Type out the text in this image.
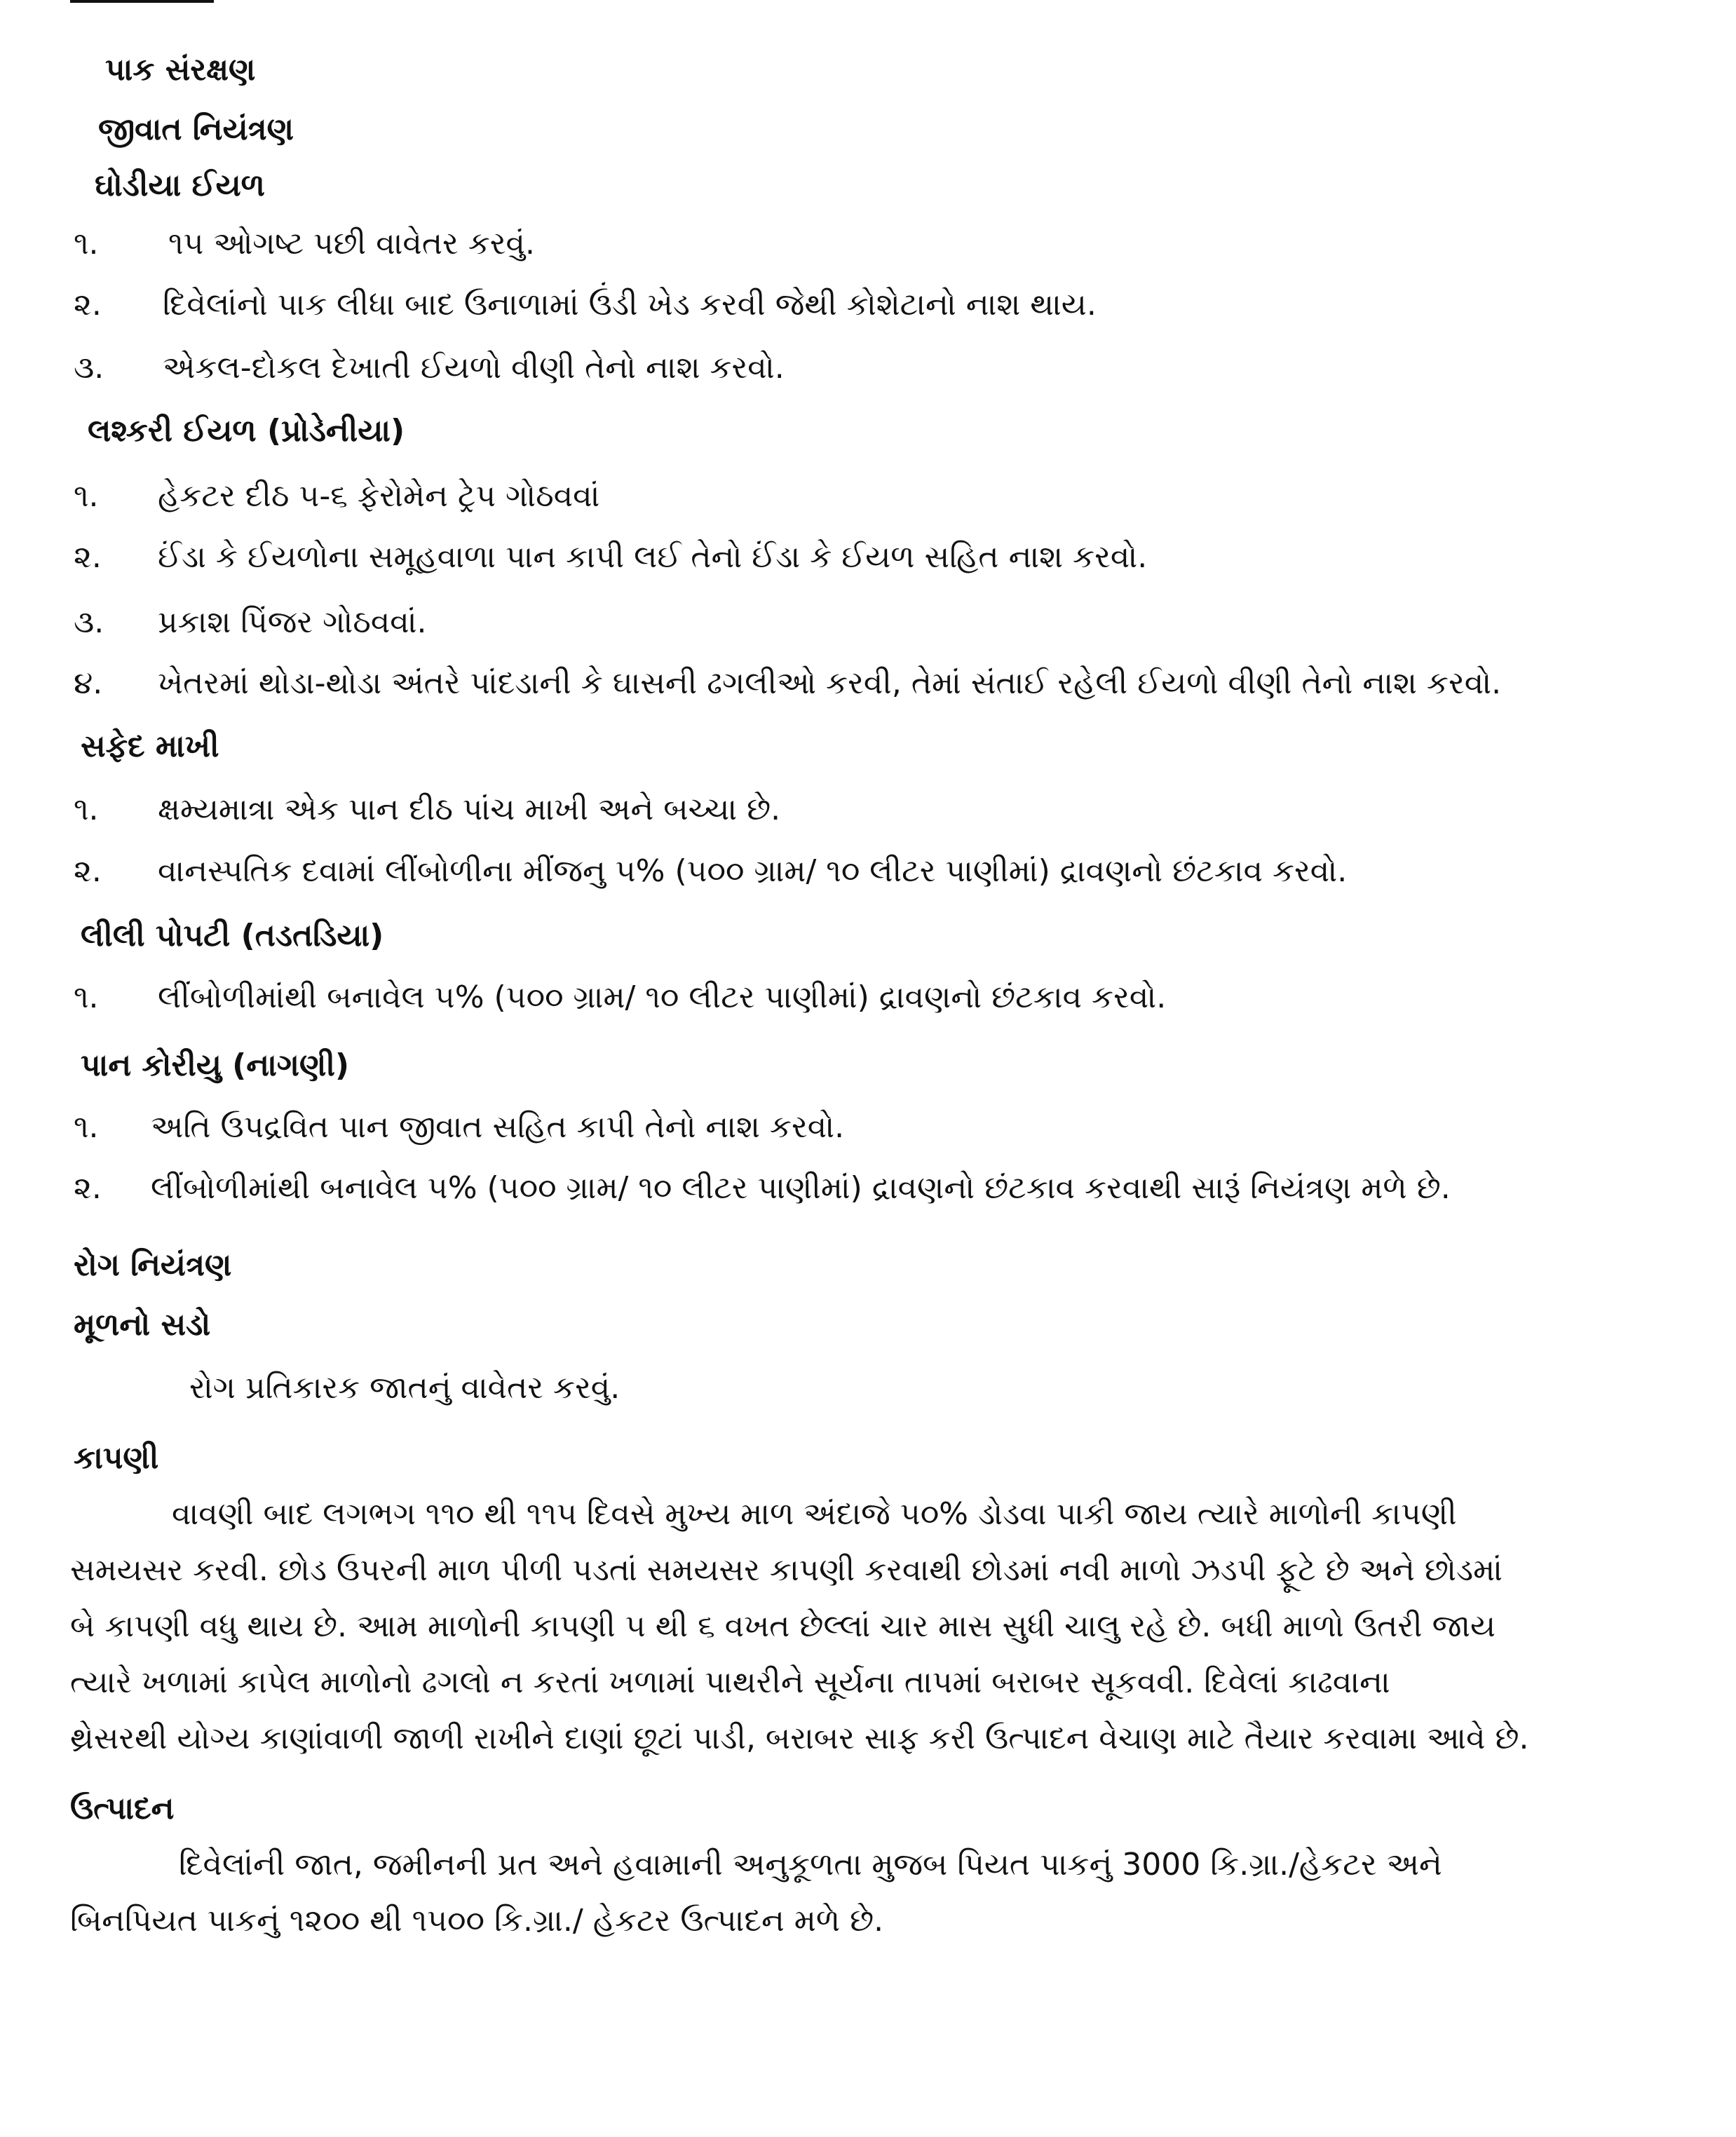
પાક સંરક્ષણ
જીવાત નિયંત્રણ
ઘોડીયા ઈયળ
૧.	૧૫ ઓગષ્ટ પછી વાવેતર કરવું.
૨.	દિવેલાંનો પાક લીધા બાદ ઉનાળામાં ઉંડી ખેડ કરવી જેથી કોશેટાનો નાશ થાય.
૩.	એકલ-દોકલ દેખાતી ઈયળો વીણી તેનો નાશ કરવો.
લશ્કરી ઈયળ (પ્રોડેનીયા)
૧.	હેકટર દીઠ ૫-૬ ફેરોમેન ટ્રેપ ગોઠવવાં
૨.	ઈંડા કે ઈયળોના સમૂહવાળા પાન કાપી લઈ તેનો ઈંડા કે ઈયળ સહિત નાશ કરવો.
૩.	પ્રકાશ પિંજર ગોઠવવાં.
૪.	ખેતરમાં થોડા-થોડા અંતરે પાંદડાની કે ઘાસની ઢગલીઓ કરવી, તેમાં સંતાઈ રહેલી ઈયળો વીણી તેનો નાશ કરવો.
સફેદ માખી
૧.	ક્ષમ્યમાત્રા એક પાન દીઠ પાંચ માખી અને બચ્ચા છે.
૨.	વાનસ્પતિક દવામાં લીંબોળીના મીંજનુ ૫% (૫૦૦ ગ્રામ/ ૧૦ લીટર પાણીમાં) દ્રાવણનો છંટકાવ કરવો.
લીલી પોપટી (તડતડિયા)
૧.	લીંબોળીમાંથી બનાવેલ ૫% (૫૦૦ ગ્રામ/ ૧૦ લીટર પાણીમાં) દ્રાવણનો છંટકાવ કરવો.
પાન કોરીયુ (નાગણી)
૧.	અતિ ઉપદ્રવિત પાન જીવાત સહિત કાપી તેનો નાશ કરવો.
૨.	લીંબોળીમાંથી બનાવેલ ૫% (૫૦૦ ગ્રામ/ ૧૦ લીટર પાણીમાં) દ્રાવણનો છંટકાવ કરવાથી સારૂં નિયંત્રણ મળે છે.
રોગ નિયંત્રણ
મૂળનો સડો
રોગ પ્રતિકારક જાતનું વાવેતર કરવું.
કાપણી
વાવણી બાદ લગભગ ૧૧૦ થી ૧૧૫ દિવસે મુખ્ય માળ અંદાજે ૫૦% ડોડવા પાકી જાય ત્યારે માળોની કાપણી
સમયસર કરવી. છોડ ઉપરની માળ પીળી પડતાં સમયસર કાપણી કરવાથી છોડમાં નવી માળો ઝડપી ફૂટે છે અને છોડમાં
બે કાપણી વધુ થાય છે. આમ માળોની કાપણી ૫ થી ૬ વખત છેલ્લાં ચાર માસ સુધી ચાલુ રહે છે. બધી માળો ઉતરી જાય
ત્યારે ખળામાં કાપેલ માળોનો ઢગલો ન કરતાં ખળામાં પાથરીને સૂર્યના તાપમાં બરાબર સૂકવવી. દિવેલાં કાઢવાના
થ્રેસરથી યોગ્ય કાણાંવાળી જાળી રાખીને દાણાં છૂટાં પાડી, બરાબર સાફ કરી ઉત્પાદન વેચાણ માટે તૈયાર કરવામા આવે છે.
ઉત્પાદન
દિવેલાંની જાત, જમીનની પ્રત અને હવામાની અનુકૂળતા મુજબ પિયત પાકનું 3000 કિ.ગ્રા./હેકટર અને
બિનપિયત પાકનું ૧૨૦૦ થી ૧૫૦૦ કિ.ગ્રા./ હેકટર ઉત્પાદન મળે છે.
